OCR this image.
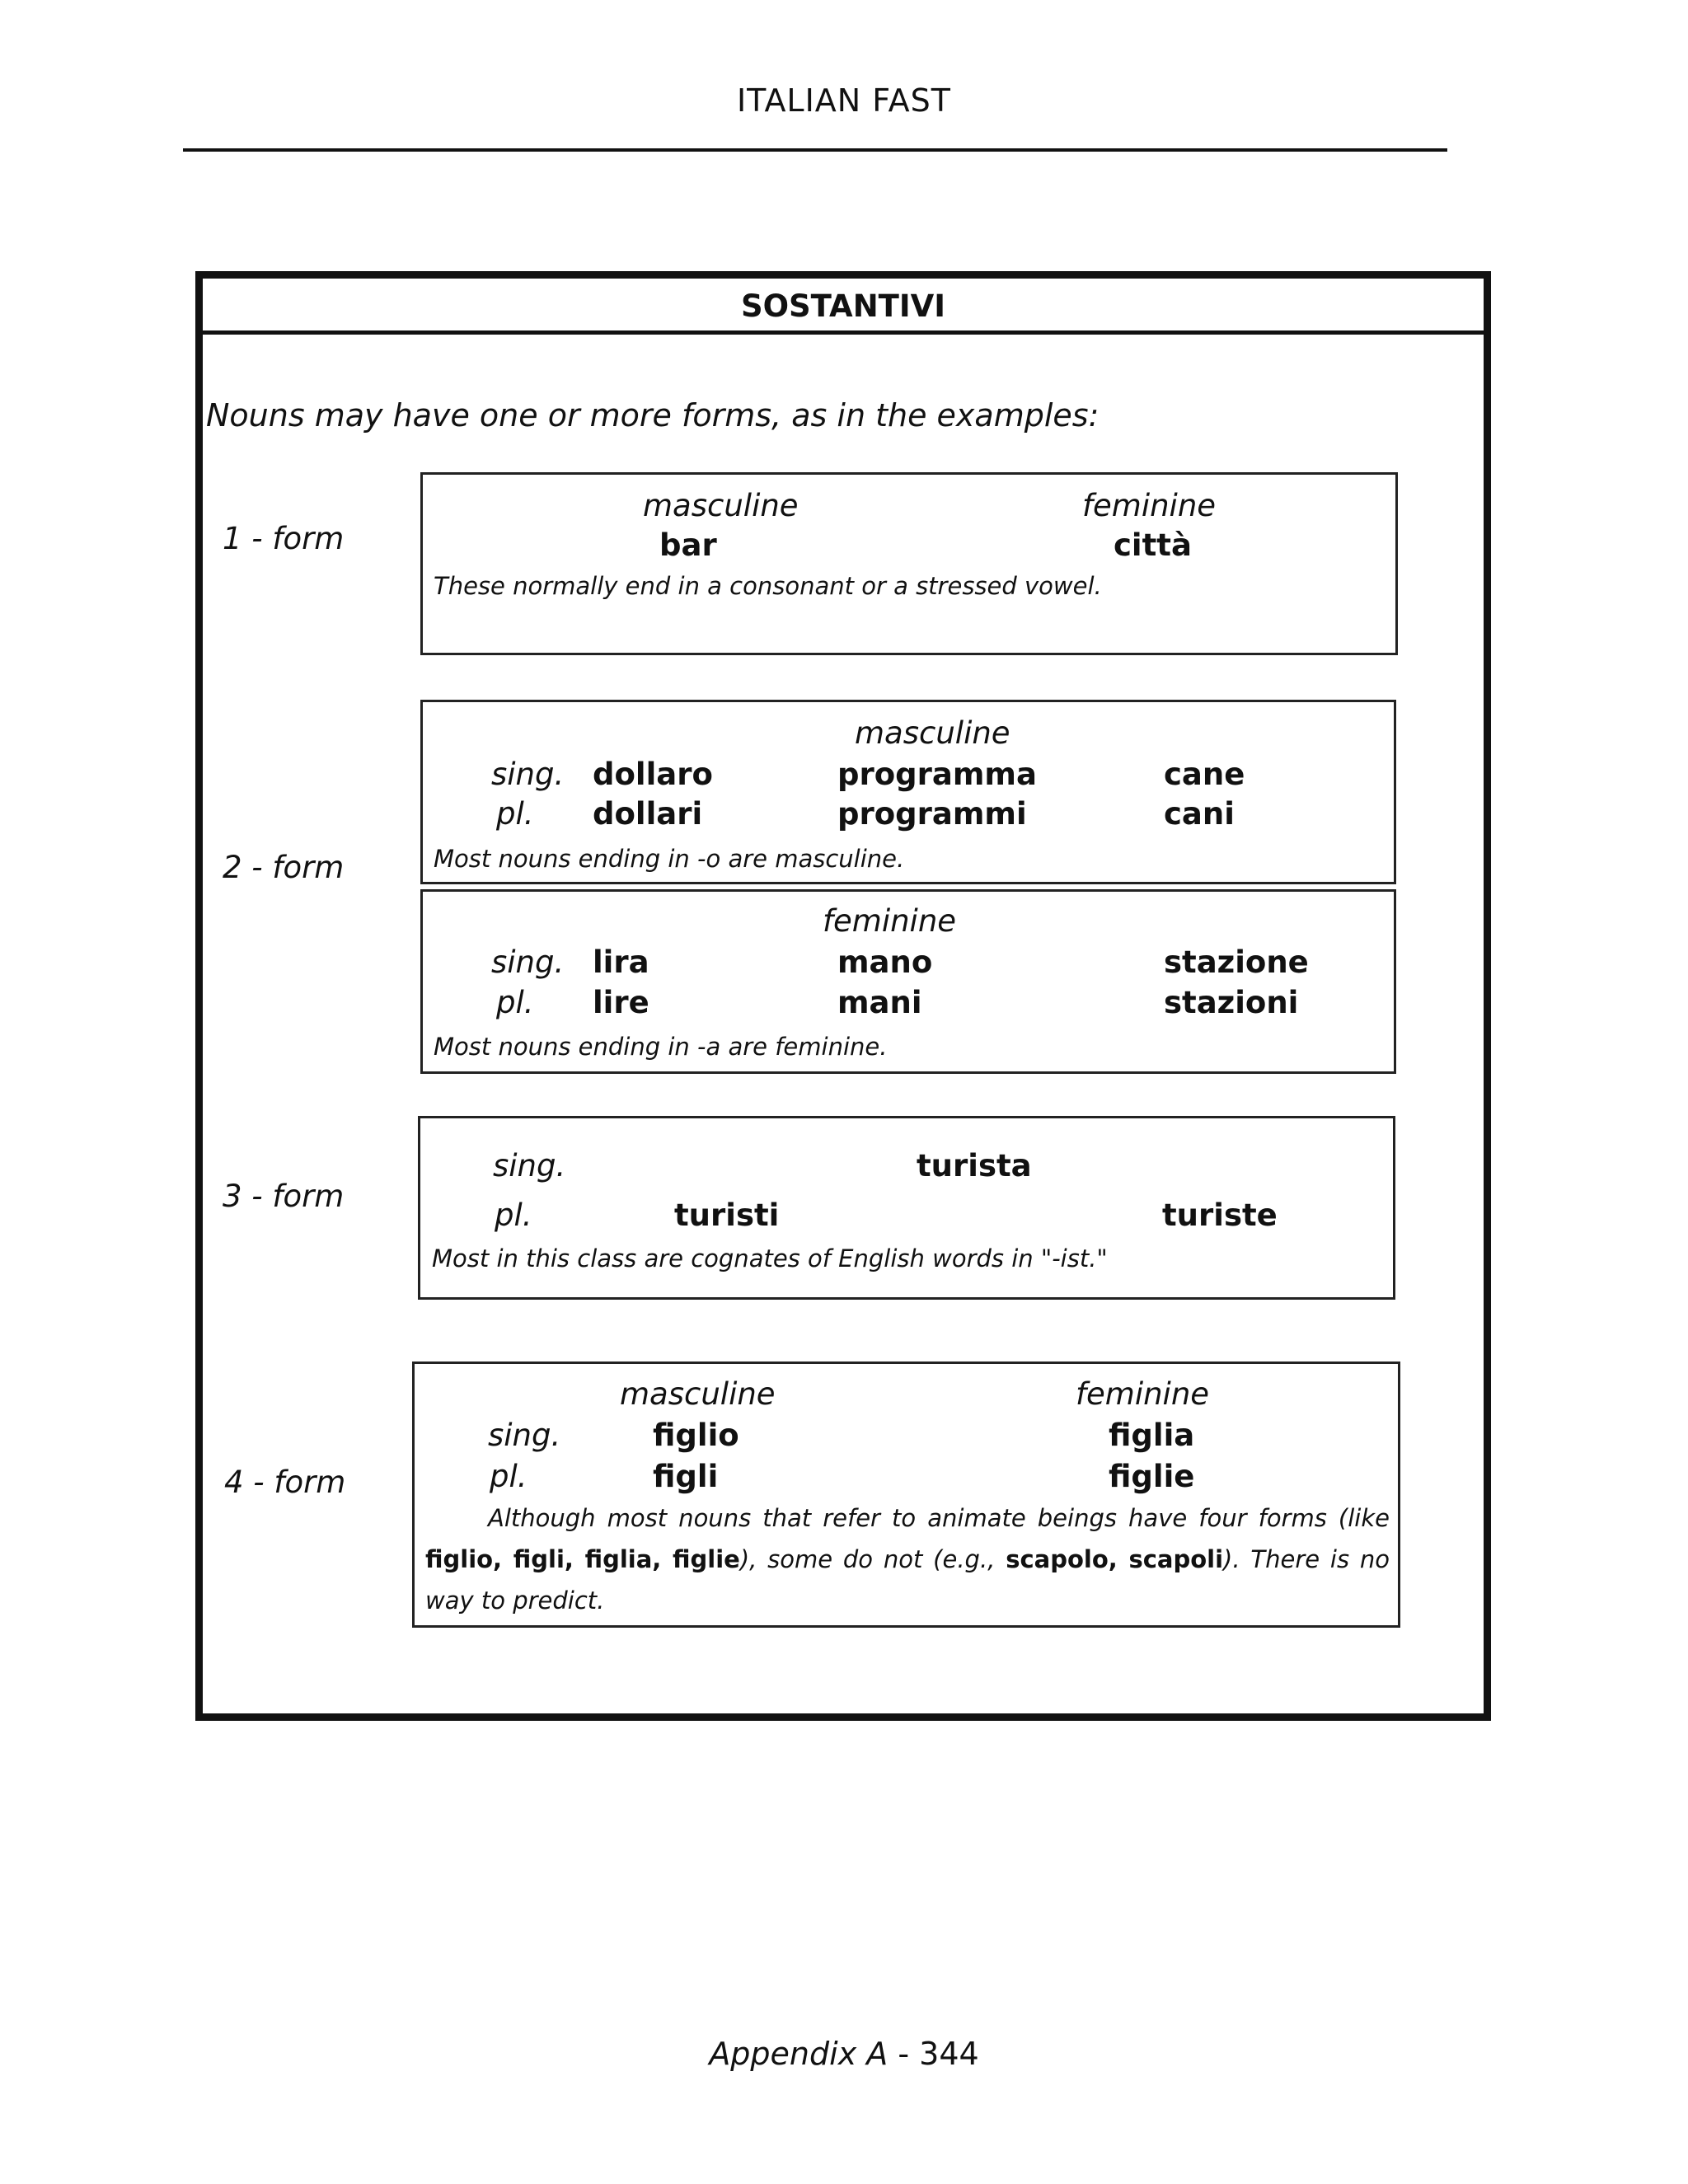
ITALIAN FAST
SOSTANTIVI
Nouns may have one or more forms, as in the examples:
1 - form
masculine	feminine
bar	città
These normally end in a consonant or a stressed vowel.
2 - form
masculine
sing. dollaro	programma	cane
pl. dollari	programmi	cani
Most nouns ending in -o are masculine.
feminine
sing. lira	mano	stazione
pl. lire	mani	stazioni
Most nouns ending in -a are feminine.
3 - form
sing.	turista
pl.	turisti	turiste
Most in this class are cognates of English words in "-ist."
4 - form
masculine	feminine
sing.	figlio	figlia
pl.	figli	figlie
Although most nouns that refer to animate beings have four forms (like figlio, figli, figlia, figlie), some do not (e.g., scapolo, scapoli). There is no way to predict.
Appendix A - 344
